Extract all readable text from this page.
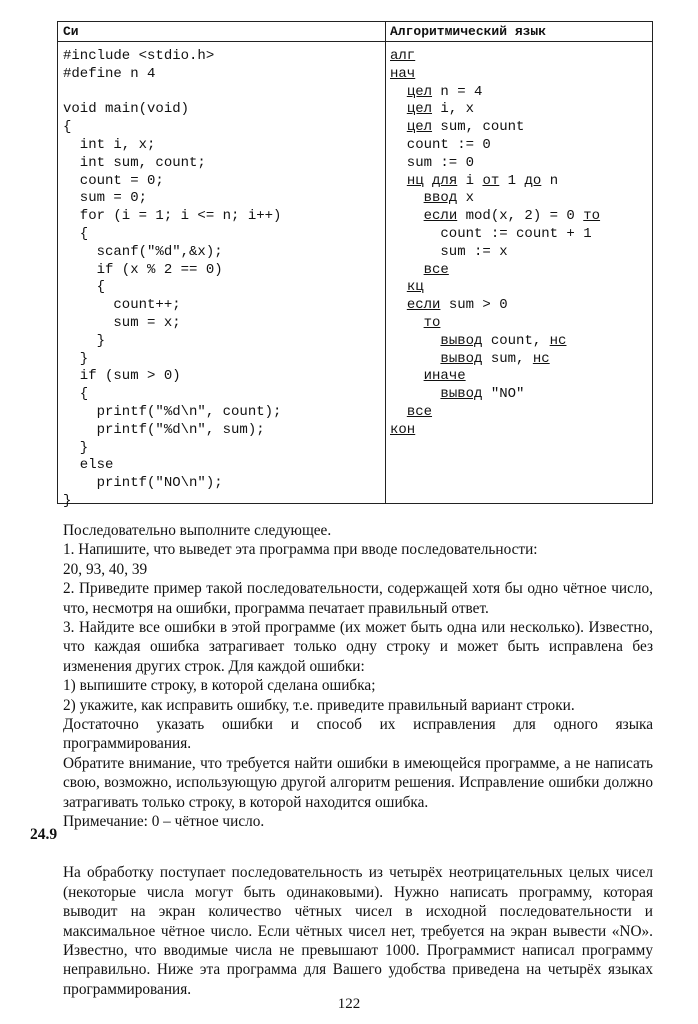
Си
#include <stdio.h>
#define n 4
void main(void)
{
int i, x;
int sum, count;
count = 0;
sum = 0;
for (i = 1; i <= n; i++)
{
scanf("%d",&x);
if (x % 2 == 0)
{
count++;
sum = x;
}
}
if (sum > 0)
{
printf("%d\n", count);
printf("%d\n", sum);
}
else
printf("NO\n");
}
Алгоритмический язык
алг
нач
цел n = 4
цел i, x
цел sum, count
count := 0
sum := 0
нц для i от 1 до n
ввод x
если mod(x, 2) = 0 то
count := count + 1
sum := x
все
кц
если sum > 0
то
вывод count, нс
вывод sum, нс
иначе
вывод "NO"
все
кон

Последовательно выполните следующее.

1. Напишите, что выведет эта программа при вводе последовательности:

20, 93, 40, 39

2. Приведите пример такой последовательности, содержащей хотя бы одно чётное число, что, несмотря на ошибки, программа печатает правильный ответ.

3. Найдите все ошибки в этой программе (их может быть одна или несколько). Известно, что каждая ошибка затрагивает только одну строку и может быть исправлена без изменения других строк. Для каждой ошибки:

1) выпишите строку, в которой сделана ошибка;

2) укажите, как исправить ошибку, т.е. приведите правильный вариант строки.

Достаточно указать ошибки и способ их исправления для одного языка программирования.

Обратите внимание, что требуется найти ошибки в имеющейся программе, а не написать свою, возможно, использующую другой алгоритм решения. Исправление ошибки должно затрагивать только строку, в которой находится ошибка.

Примечание: 0 – чётное число.

24.9

На обработку поступает последовательность из четырёх неотрицательных целых чисел (некоторые числа могут быть одинаковыми). Нужно написать программу, которая выводит на экран количество чётных чисел в исходной последовательности и максимальное чётное число. Если чётных чисел нет, требуется на экран вывести «NO». Известно, что вводимые числа не превышают 1000. Программист написал программу неправильно. Ниже эта программа для Вашего удобства приведена на четырёх языках программирования.

122
